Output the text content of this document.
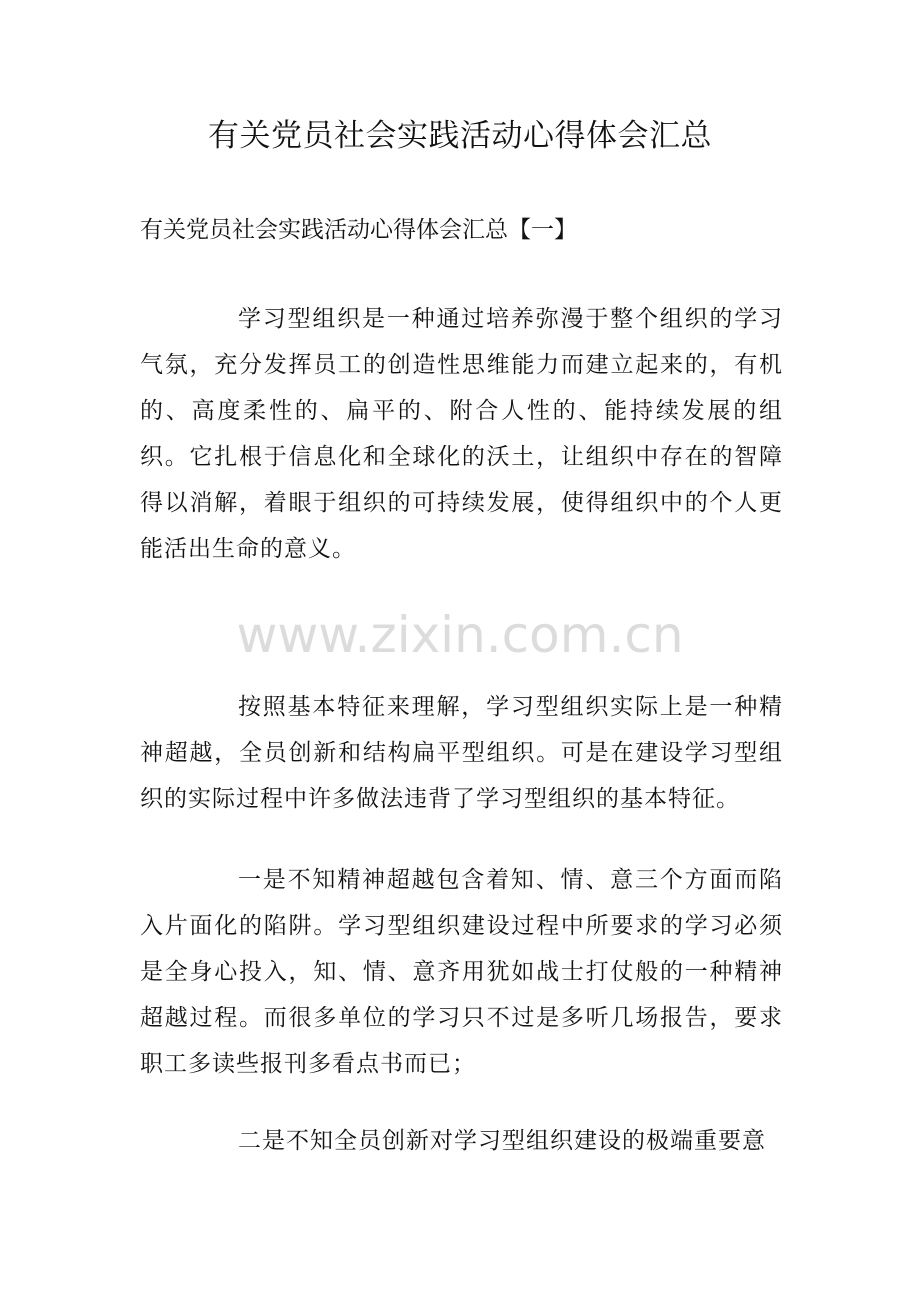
有关党员社会实践活动心得体会汇总

有关党员社会实践活动心得体会汇总【一】

学习型组织是一种通过培养弥漫于整个组织的学习气氛，充分发挥员工的创造性思维能力而建立起来的，有机的、高度柔性的、扁平的、附合人性的、能持续发展的组织。它扎根于信息化和全球化的沃土，让组织中存在的智障得以消解，着眼于组织的可持续发展，使得组织中的个人更能活出生命的意义。

www.zixin.com.cn

按照基本特征来理解，学习型组织实际上是一种精神超越，全员创新和结构扁平型组织。可是在建设学习型组织的实际过程中许多做法违背了学习型组织的基本特征。

一是不知精神超越包含着知、情、意三个方面而陷入片面化的陷阱。学习型组织建设过程中所要求的学习必须是全身心投入，知、情、意齐用犹如战士打仗般的一种精神超越过程。而很多单位的学习只不过是多听几场报告，要求职工多读些报刊多看点书而已；

二是不知全员创新对学习型组织建设的极端重要意
